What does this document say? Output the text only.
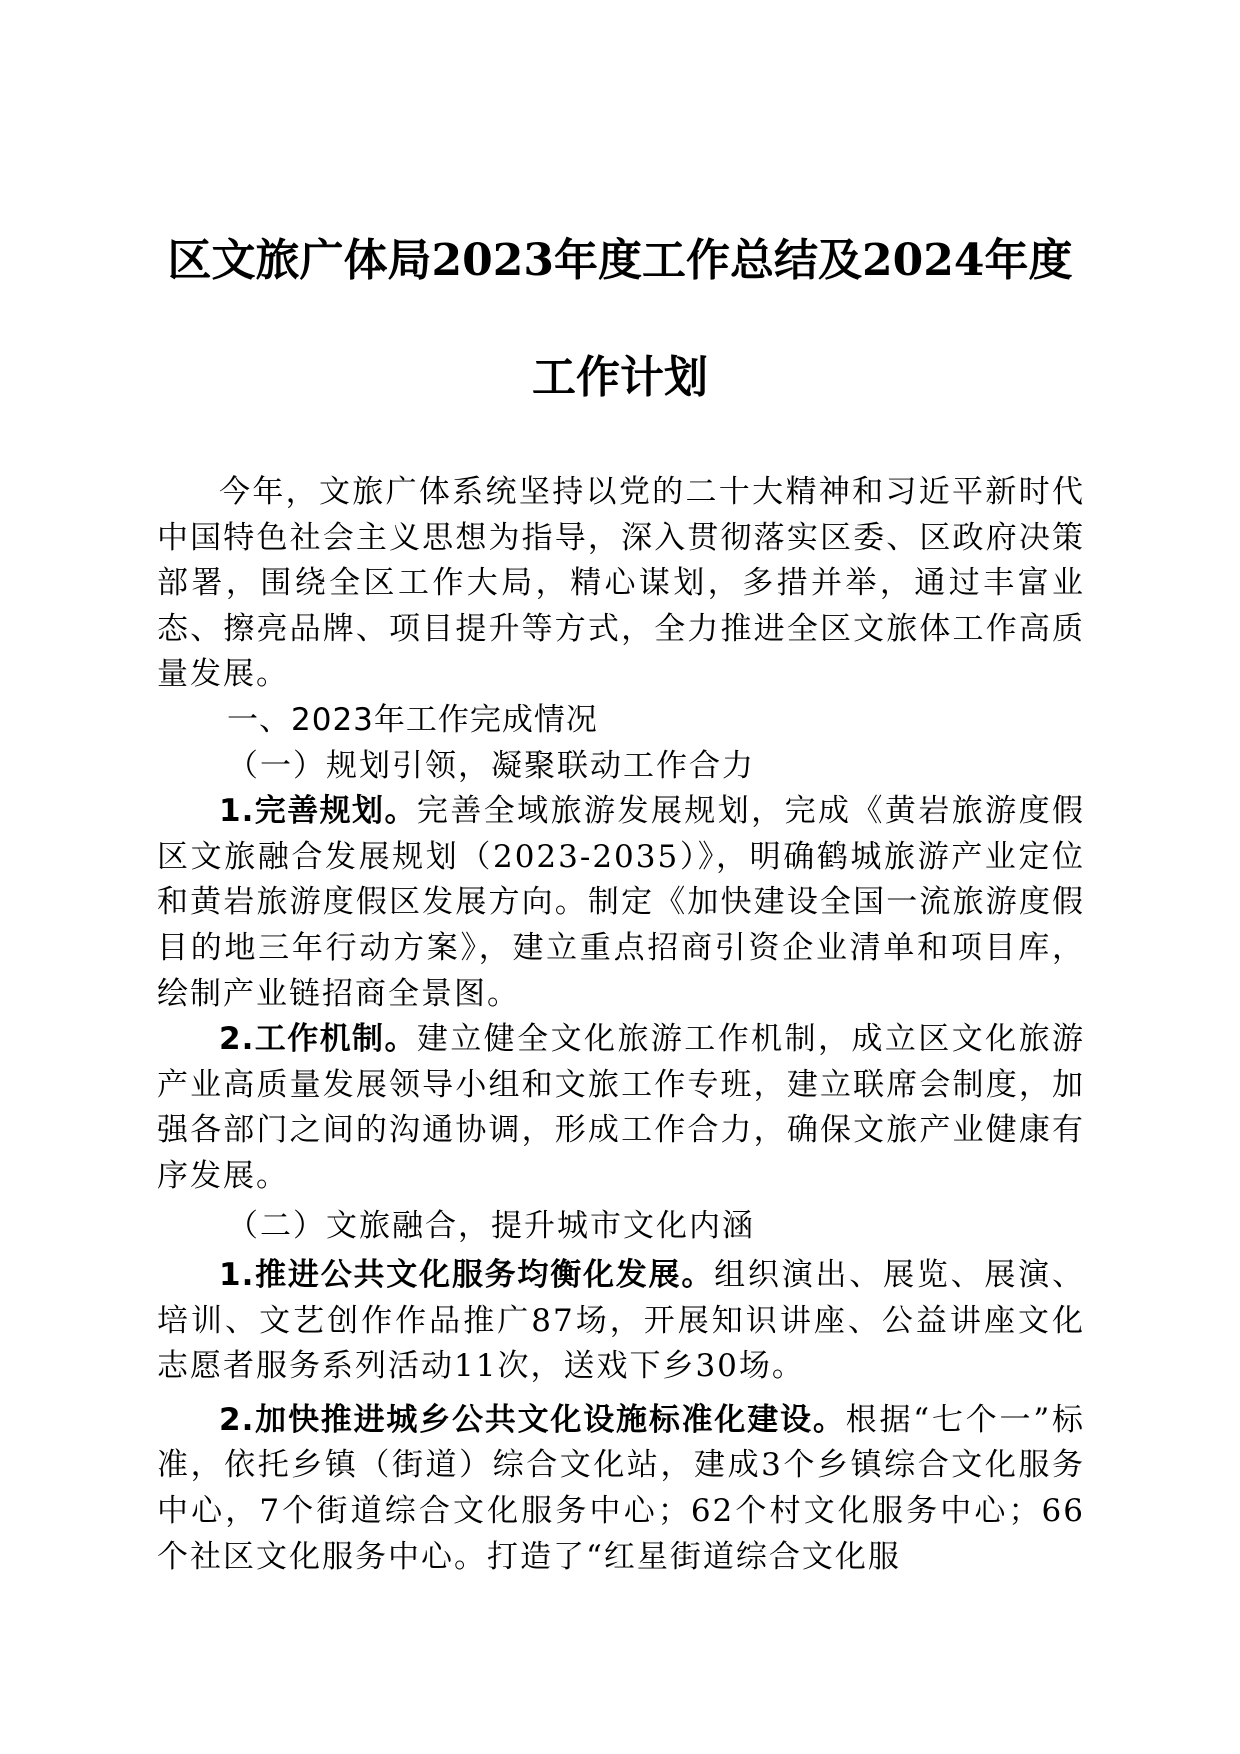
区文旅广体局2023年度工作总结及2024年度
工作计划

今年，文旅广体系统坚持以党的二十大精神和习近平新时代中国特色社会主义思想为指导，深入贯彻落实区委、区政府决策部署，围绕全区工作大局，精心谋划，多措并举，通过丰富业态、擦亮品牌、项目提升等方式，全力推进全区文旅体工作高质量发展。

一、2023年工作完成情况

（一）规划引领，凝聚联动工作合力

1.完善规划。完善全域旅游发展规划，完成《黄岩旅游度假区文旅融合发展规划（2023-2035）》，明确鹤城旅游产业定位和黄岩旅游度假区发展方向。制定《加快建设全国一流旅游度假目的地三年行动方案》，建立重点招商引资企业清单和项目库，绘制产业链招商全景图。

2.工作机制。建立健全文化旅游工作机制，成立区文化旅游产业高质量发展领导小组和文旅工作专班，建立联席会制度，加强各部门之间的沟通协调，形成工作合力，确保文旅产业健康有序发展。

（二）文旅融合，提升城市文化内涵

1.推进公共文化服务均衡化发展。组织演出、展览、展演、培训、文艺创作作品推广87场，开展知识讲座、公益讲座文化志愿者服务系列活动11次，送戏下乡30场。

2.加快推进城乡公共文化设施标准化建设。根据“七个一”标准，依托乡镇（街道）综合文化站，建成3个乡镇综合文化服务中心，7个街道综合文化服务中心；62个村文化服务中心；66个社区文化服务中心。打造了“红星街道综合文化服
